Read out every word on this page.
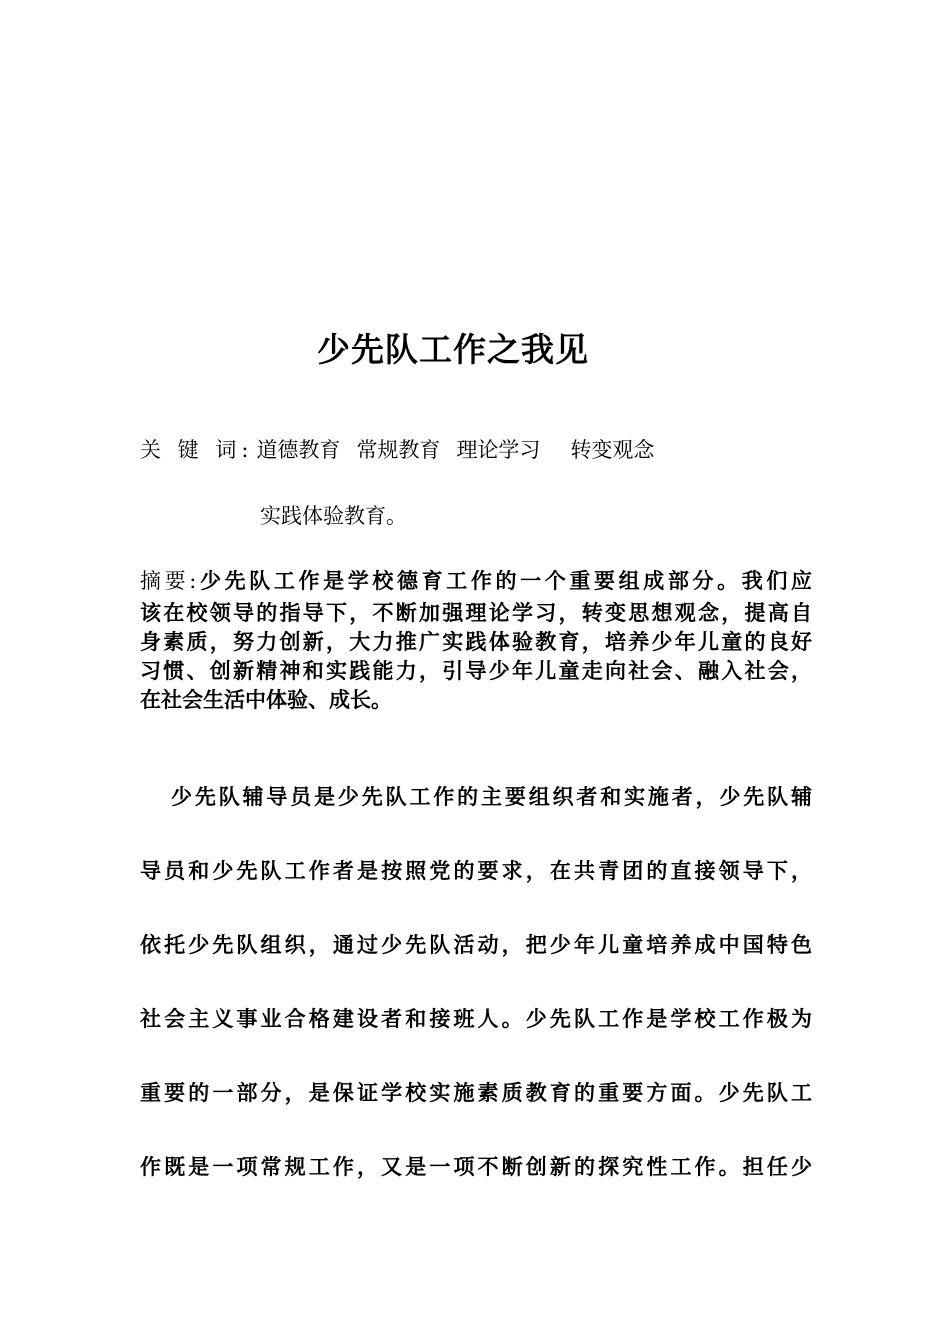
少先队工作之我见
关 键 词: 道德教育 常规教育 理论学习 转变观念
实践体验教育。
摘要:少先队工作是学校德育工作的一个重要组成部分。我们应
该在校领导的指导下，不断加强理论学习，转变思想观念，提高自
身素质，努力创新，大力推广实践体验教育，培养少年儿童的良好
习惯、创新精神和实践能力，引导少年儿童走向社会、融入社会，
在社会生活中体验、成长。
少先队辅导员是少先队工作的主要组织者和实施者，少先队辅
导员和少先队工作者是按照党的要求，在共青团的直接领导下，
依托少先队组织，通过少先队活动，把少年儿童培养成中国特色
社会主义事业合格建设者和接班人。少先队工作是学校工作极为
重要的一部分，是保证学校实施素质教育的重要方面。少先队工
作既是一项常规工作，又是一项不断创新的探究性工作。担任少
